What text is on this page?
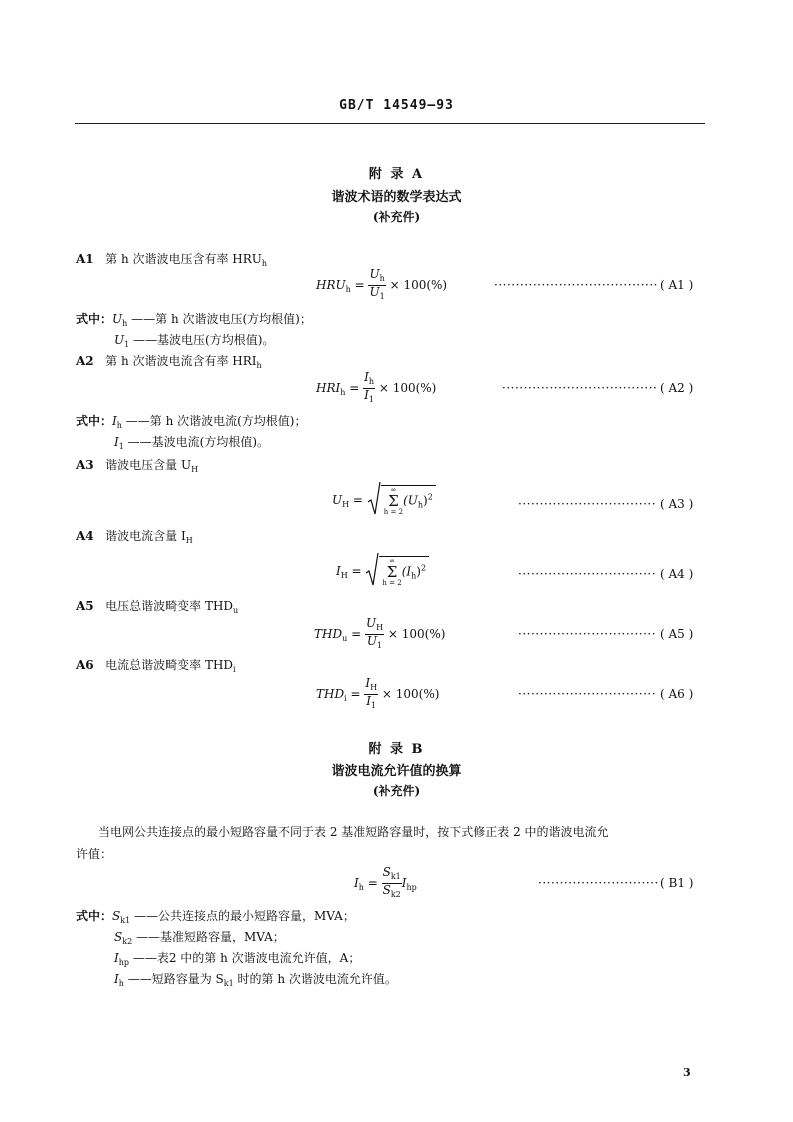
GB/T 14549—93
附 录 A
谐波术语的数学表达式
(补充件)
A1 第 h 次谐波电压含有率 $HRU_h$
$HRU_h = \frac{U_h}{U_1} \times 100(\%)$	······································ ( A1 )
式中：$U_h$ ——第 h 次谐波电压(方均根值)；
$U_1$ ——基波电压(方均根值)。
A2 第 h 次谐波电流含有率 $HRI_h$
$HRI_h = \frac{I_h}{I_1} \times 100(\%)$	···································· ( A2 )
式中：$I_h$ ——第 h 次谐波电流(方均根值)；
$I_1$ ——基波电流(方均根值)。
A3 谐波电压含量 $U_H$
$U_H$ =
∞
Σ
h = 2
$(U_h)^2$	································ ( A3 )
A4 谐波电流含量 $I_H$
$I_H$ =
∞
Σ
h = 2
$(I_h)^2$	································ ( A4 )
A5 电压总谐波畸变率 $THD_u$
$THD_u = \frac{U_H}{U_1} \times 100(\%)$	································ ( A5 )
A6 电流总谐波畸变率 $THD_i$
$THD_i = \frac{I_H}{I_1} \times 100(\%)$	································ ( A6 )
附 录 B
谐波电流允许值的换算
(补充件)
当电网公共连接点的最小短路容量不同于表 2 基准短路容量时，按下式修正表 2 中的谐波电流允
许值：
$I_h = \frac{S_{k1}}{S_{k2}} I_{hp}$	···························· ( B1 )
式中：$S_{k1}$ ——公共连接点的最小短路容量，MVA；
$S_{k2}$ ——基准短路容量，MVA；
$I_{hp}$ ——表2 中的第 h 次谐波电流允许值，A；
$I_h$ ——短路容量为 $S_{k1}$ 时的第 h 次谐波电流允许值。
3
